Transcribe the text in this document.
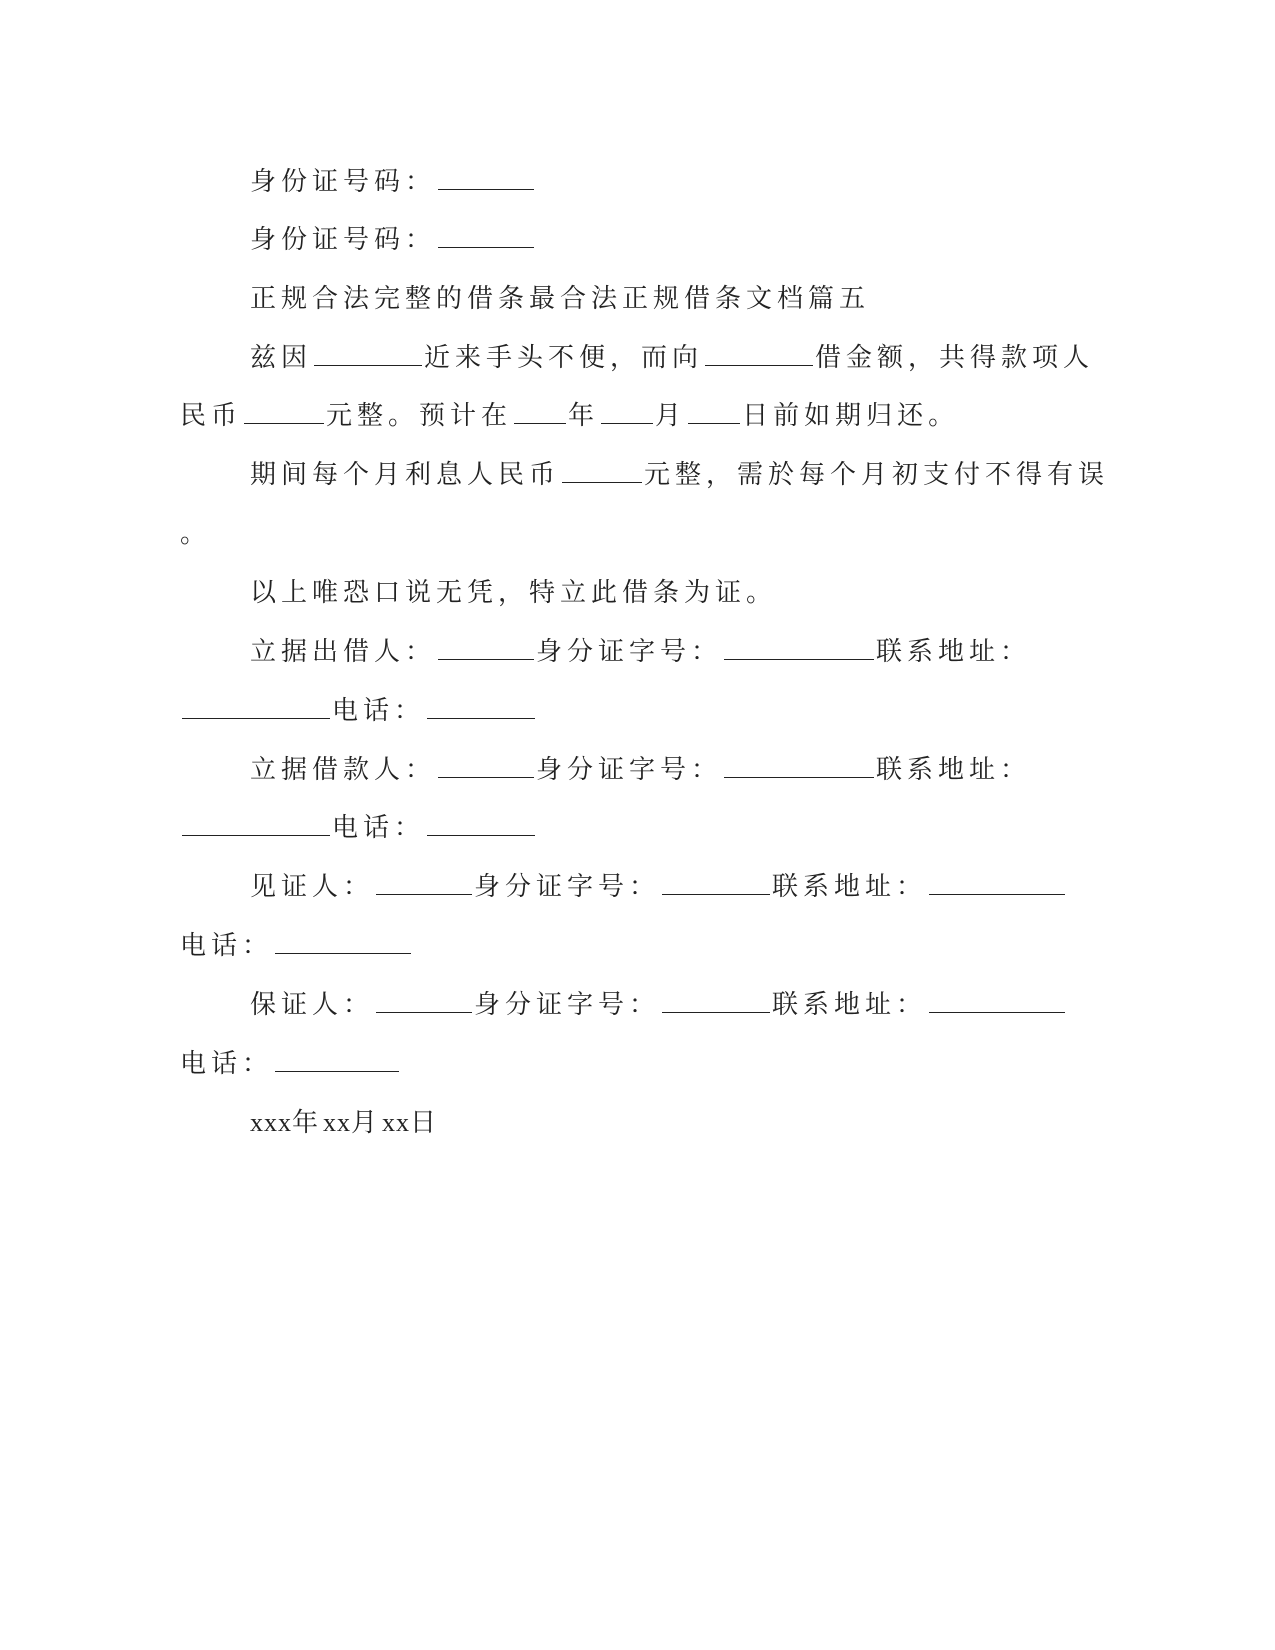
身份证号码：
身份证号码：
正规合法完整的借条最合法正规借条文档篇五
兹因	近来手头不便，而向	借金额，共得款项人
民币	元整。预计在 年 月 日前如期归还。
期间每个月利息人民币	元整，需於每个月初支付不得有误
。
以上唯恐口说无凭，特立此借条为证。
立据出借人：	身分证字号：	联系地址：
电话：
立据借款人：	身分证字号：	联系地址：
电话：
见证人：	身分证字号：	联系地址：
电话：
保证人：	身分证字号：	联系地址：
电话：
xxx年xx月xx日
